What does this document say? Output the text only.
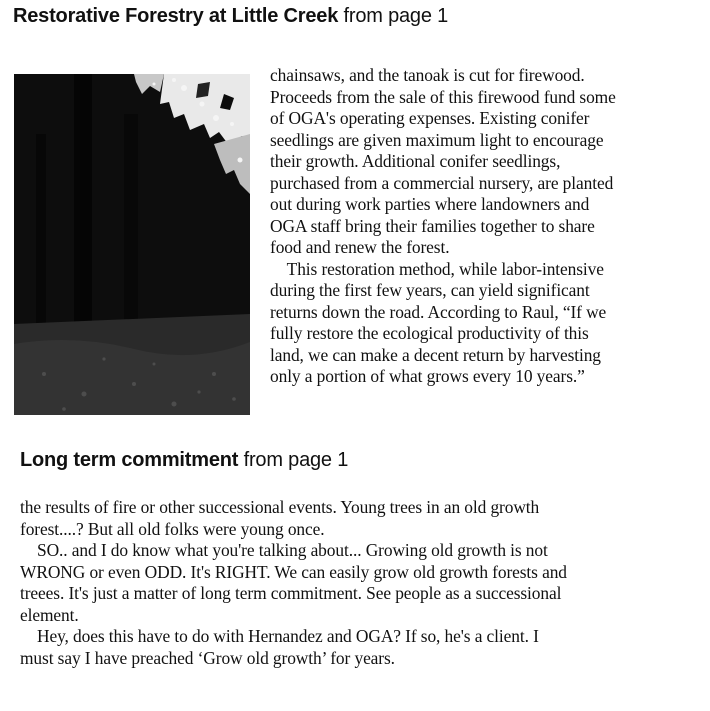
Restorative Forestry at Little Creek from page 1

chainsaws, and the tanoak is cut for firewood.

Proceeds from the sale of this firewood fund some

of OGA's operating expenses. Existing conifer

seedlings are given maximum light to encourage

their growth. Additional conifer seedlings,

purchased from a commercial nursery, are planted

out during work parties where landowners and

OGA staff bring their families together to share

food and renew the forest.

This restoration method, while labor-intensive

during the first few years, can yield significant

returns down the road. According to Raul, “If we

fully restore the ecological productivity of this

land, we can make a decent return by harvesting

only a portion of what grows every 10 years.”

Long term commitment from page 1

the results of fire or other successional events. Young trees in an old growth

forest....? But all old folks were young once.

SO.. and I do know what you're talking about... Growing old growth is not

WRONG or even ODD. It's RIGHT. We can easily grow old growth forests and

treees. It's just a matter of long term commitment. See people as a successional

element.

Hey, does this have to do with Hernandez and OGA? If so, he's a client. I

must say I have preached ‘Grow old growth’ for years.
